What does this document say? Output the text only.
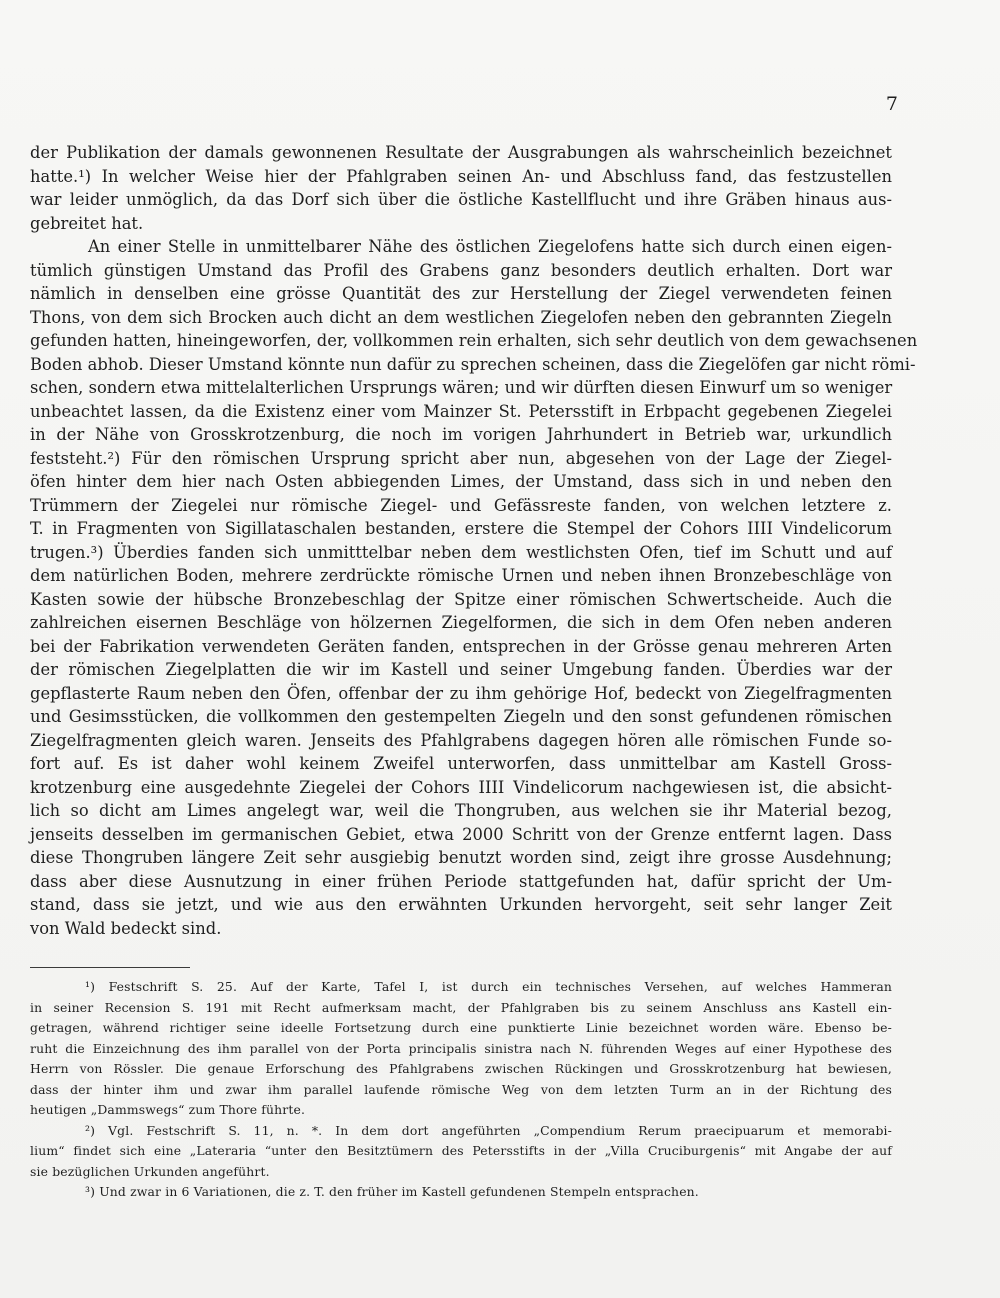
7
der Publikation der damals gewonnenen Resultate der Ausgrabungen als wahrscheinlich bezeichnet
hatte.¹) In welcher Weise hier der Pfahlgraben seinen An- und Abschluss fand, das festzustellen
war leider unmöglich, da das Dorf sich über die östliche Kastellflucht und ihre Gräben hinaus aus-
gebreitet hat.
An einer Stelle in unmittelbarer Nähe des östlichen Ziegelofens hatte sich durch einen eigen-
tümlich günstigen Umstand das Profil des Grabens ganz besonders deutlich erhalten. Dort war
nämlich in denselben eine grösse Quantität des zur Herstellung der Ziegel verwendeten feinen
Thons, von dem sich Brocken auch dicht an dem westlichen Ziegelofen neben den gebrannten Ziegeln
gefunden hatten, hineingeworfen, der, vollkommen rein erhalten, sich sehr deutlich von dem gewachsenen
Boden abhob. Dieser Umstand könnte nun dafür zu sprechen scheinen, dass die Ziegelöfen gar nicht römi-
schen, sondern etwa mittelalterlichen Ursprungs wären; und wir dürften diesen Einwurf um so weniger
unbeachtet lassen, da die Existenz einer vom Mainzer St. Petersstift in Erbpacht gegebenen Ziegelei
in der Nähe von Grosskrotzenburg, die noch im vorigen Jahrhundert in Betrieb war, urkundlich
feststeht.²) Für den römischen Ursprung spricht aber nun, abgesehen von der Lage der Ziegel-
öfen hinter dem hier nach Osten abbiegenden Limes, der Umstand, dass sich in und neben den
Trümmern der Ziegelei nur römische Ziegel- und Gefässreste fanden, von welchen letztere z.
T. in Fragmenten von Sigillataschalen bestanden, erstere die Stempel der Cohors IIII Vindelicorum
trugen.³) Überdies fanden sich unmitttelbar neben dem westlichsten Ofen, tief im Schutt und auf
dem natürlichen Boden, mehrere zerdrückte römische Urnen und neben ihnen Bronzebeschläge von
Kasten sowie der hübsche Bronzebeschlag der Spitze einer römischen Schwertscheide. Auch die
zahlreichen eisernen Beschläge von hölzernen Ziegelformen, die sich in dem Ofen neben anderen
bei der Fabrikation verwendeten Geräten fanden, entsprechen in der Grösse genau mehreren Arten
der römischen Ziegelplatten die wir im Kastell und seiner Umgebung fanden. Überdies war der
gepflasterte Raum neben den Öfen, offenbar der zu ihm gehörige Hof, bedeckt von Ziegelfragmenten
und Gesimsstücken, die vollkommen den gestempelten Ziegeln und den sonst gefundenen römischen
Ziegelfragmenten gleich waren. Jenseits des Pfahlgrabens dagegen hören alle römischen Funde so-
fort auf. Es ist daher wohl keinem Zweifel unterworfen, dass unmittelbar am Kastell Gross-
krotzenburg eine ausgedehnte Ziegelei der Cohors IIII Vindelicorum nachgewiesen ist, die absicht-
lich so dicht am Limes angelegt war, weil die Thongruben, aus welchen sie ihr Material bezog,
jenseits desselben im germanischen Gebiet, etwa 2000 Schritt von der Grenze entfernt lagen. Dass
diese Thongruben längere Zeit sehr ausgiebig benutzt worden sind, zeigt ihre grosse Ausdehnung;
dass aber diese Ausnutzung in einer frühen Periode stattgefunden hat, dafür spricht der Um-
stand, dass sie jetzt, und wie aus den erwähnten Urkunden hervorgeht, seit sehr langer Zeit
von Wald bedeckt sind.
¹) Festschrift S. 25. Auf der Karte, Tafel I, ist durch ein technisches Versehen, auf welches Hammeran
in seiner Recension S. 191 mit Recht aufmerksam macht, der Pfahlgraben bis zu seinem Anschluss ans Kastell ein-
getragen, während richtiger seine ideelle Fortsetzung durch eine punktierte Linie bezeichnet worden wäre. Ebenso be-
ruht die Einzeichnung des ihm parallel von der Porta principalis sinistra nach N. führenden Weges auf einer Hypothese des
Herrn von Rössler. Die genaue Erforschung des Pfahlgrabens zwischen Rückingen und Grosskrotzenburg hat bewiesen,
dass der hinter ihm und zwar ihm parallel laufende römische Weg von dem letzten Turm an in der Richtung des
heutigen „Dammswegs“ zum Thore führte.
²) Vgl. Festschrift S. 11, n. *. In dem dort angeführten „Compendium Rerum praecipuarum et memorabi-
lium“ findet sich eine „Lateraria “unter den Besitztümern des Petersstifts in der „Villa Cruciburgenis“ mit Angabe der auf
sie bezüglichen Urkunden angeführt.
³) Und zwar in 6 Variationen, die z. T. den früher im Kastell gefundenen Stempeln entsprachen.
